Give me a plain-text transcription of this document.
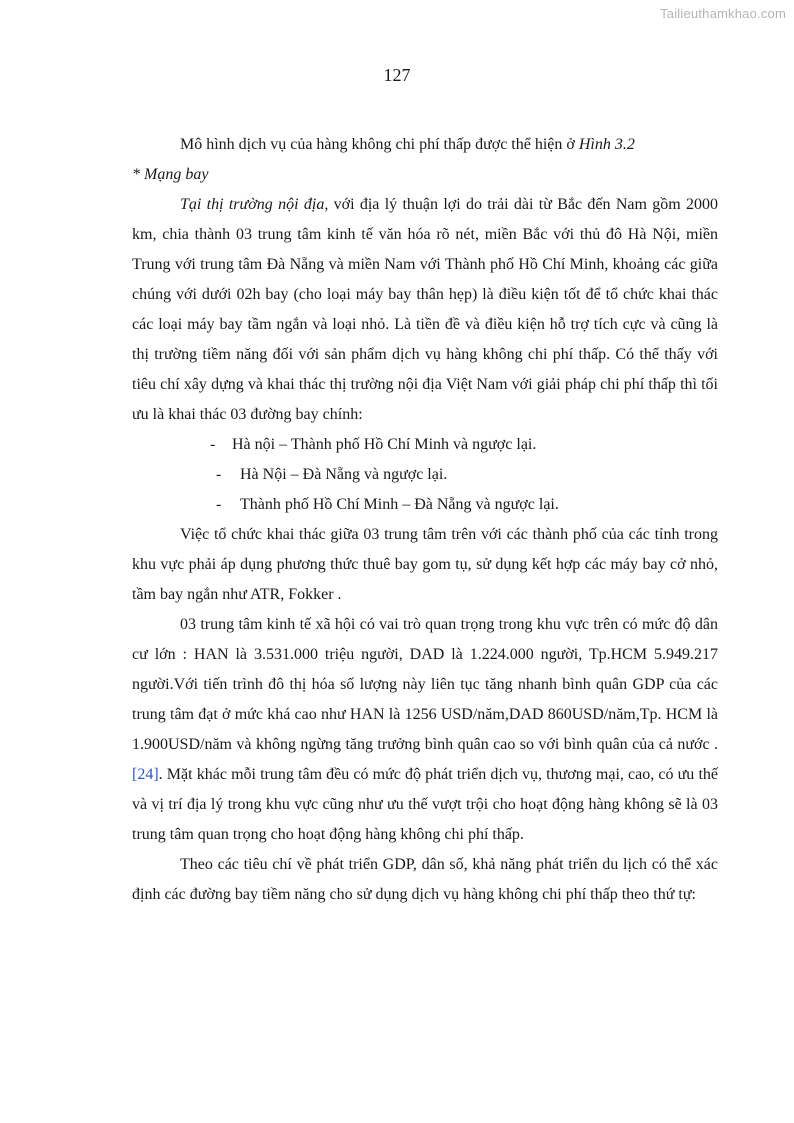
Tailieuthamkhao.com
127

Mô hình dịch vụ của hàng không chi phí thấp được thể hiện ở Hình 3.2

* Mạng bay

Tại thị trường nội địa, với địa lý thuận lợi do trải dài từ Bắc đến Nam gồm 2000 km, chia thành 03 trung tâm kinh tế văn hóa rõ nét, miền Bắc với thủ đô Hà Nội, miền Trung với trung tâm Đà Nẵng và miền Nam với Thành phố Hồ Chí Minh, khoảng các giữa chúng với dưới 02h bay (cho loại máy bay thân hẹp) là điều kiện tốt để tổ chức khai thác các loại máy bay tầm ngắn và loại nhỏ. Là tiền đề và điều kiện hỗ trợ tích cực và cũng là thị trường tiềm năng đối với sản phẩm dịch vụ hàng không chi phí thấp. Có thể thấy với tiêu chí xây dựng và khai thác thị trường nội địa Việt Nam với giải pháp chi phí thấp thì tối ưu là khai thác 03 đường bay chính:

-	Hà nội – Thành phố Hồ Chí Minh và ngược lại.
-	Hà Nội – Đà Nẵng và ngược lại.
-	Thành phố Hồ Chí Minh – Đà Nẵng và ngược lại.

Việc tổ chức khai thác giữa 03 trung tâm trên với các thành phố của các tỉnh trong khu vực phải áp dụng phương thức thuê bay gom tụ, sử dụng kết hợp các máy bay cở nhỏ, tầm bay ngắn như ATR, Fokker .

03 trung tâm kinh tế xã hội có vai trò quan trọng trong khu vực trên có mức độ dân cư lớn : HAN là 3.531.000 triệu người, DAD là 1.224.000 người, Tp.HCM 5.949.217 người.Với tiến trình đô thị hóa số lượng này liên tục tăng nhanh bình quân GDP của các trung tâm đạt ở mức khá cao như HAN là 1256 USD/năm,DAD 860USD/năm,Tp. HCM là 1.900USD/năm và không ngừng tăng trưởng bình quân cao so với bình quân của cả nước .[24]. Mặt khác mỗi trung tâm đều có mức độ phát triển dịch vụ, thương mại, cao, có ưu thế và vị trí địa lý trong khu vực cũng như ưu thế vượt trội cho hoạt động hàng không sẽ là 03 trung tâm quan trọng cho hoạt động hàng không chi phí thấp.

Theo các tiêu chí về phát triển GDP, dân số, khả năng phát triển du lịch có thể xác định các đường bay tiềm năng cho sử dụng dịch vụ hàng không chi phí thấp theo thứ tự:
